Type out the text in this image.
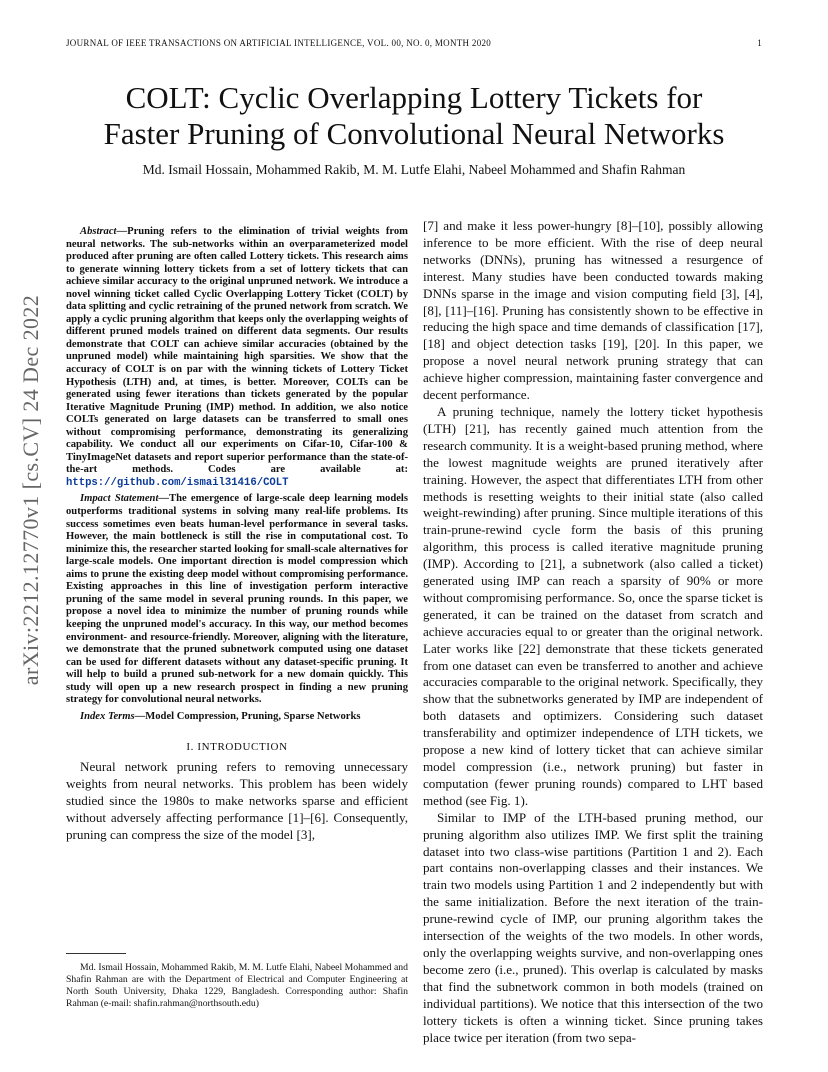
JOURNAL OF IEEE TRANSACTIONS ON ARTIFICIAL INTELLIGENCE, VOL. 00, NO. 0, MONTH 2020	1
COLT: Cyclic Overlapping Lottery Tickets for
Faster Pruning of Convolutional Neural Networks
Md. Ismail Hossain, Mohammed Rakib, M. M. Lutfe Elahi, Nabeel Mohammed and Shafin Rahman
arXiv:2212.12770v1 [cs.CV] 24 Dec 2022

Abstract—Pruning refers to the elimination of trivial weights from neural networks. The sub-networks within an overparameterized model produced after pruning are often called Lottery tickets. This research aims to generate winning lottery tickets from a set of lottery tickets that can achieve similar accuracy to the original unpruned network. We introduce a novel winning ticket called Cyclic Overlapping Lottery Ticket (COLT) by data splitting and cyclic retraining of the pruned network from scratch. We apply a cyclic pruning algorithm that keeps only the overlapping weights of different pruned models trained on different data segments. Our results demonstrate that COLT can achieve similar accuracies (obtained by the unpruned model) while maintaining high sparsities. We show that the accuracy of COLT is on par with the winning tickets of Lottery Ticket Hypothesis (LTH) and, at times, is better. Moreover, COLTs can be generated using fewer iterations than tickets generated by the popular Iterative Magnitude Pruning (IMP) method. In addition, we also notice COLTs generated on large datasets can be transferred to small ones without compromising performance, demonstrating its generalizing capability. We conduct all our experiments on Cifar-10, Cifar-100 & TinyImageNet datasets and report superior performance than the state-of-the-art methods. Codes are available at: https://github.com/ismail31416/COLT

Impact Statement—The emergence of large-scale deep learning models outperforms traditional systems in solving many real-life problems. Its success sometimes even beats human-level performance in several tasks. However, the main bottleneck is still the rise in computational cost. To minimize this, the researcher started looking for small-scale alternatives for large-scale models. One important direction is model compression which aims to prune the existing deep model without compromising performance. Existing approaches in this line of investigation perform interactive pruning of the same model in several pruning rounds. In this paper, we propose a novel idea to minimize the number of pruning rounds while keeping the unpruned model's accuracy. In this way, our method becomes environment- and resource-friendly. Moreover, aligning with the literature, we demonstrate that the pruned subnetwork computed using one dataset can be used for different datasets without any dataset-specific pruning. It will help to build a pruned sub-network for a new domain quickly. This study will open up a new research prospect in finding a new pruning strategy for convolutional neural networks.

Index Terms—Model Compression, Pruning, Sparse Networks

I. INTRODUCTION

Neural network pruning refers to removing unnecessary weights from neural networks. This problem has been widely studied since the 1980s to make networks sparse and efficient without adversely affecting performance [1]–[6]. Consequently, pruning can compress the size of the model [3],

Md. Ismail Hossain, Mohammed Rakib, M. M. Lutfe Elahi, Nabeel Mohammed and Shafin Rahman are with the Department of Electrical and Computer Engineering at North South University, Dhaka 1229, Bangladesh. Corresponding author: Shafin Rahman (e-mail: shafin.rahman@northsouth.edu)

[7] and make it less power-hungry [8]–[10], possibly allowing inference to be more efficient. With the rise of deep neural networks (DNNs), pruning has witnessed a resurgence of interest. Many studies have been conducted towards making DNNs sparse in the image and vision computing field [3], [4], [8], [11]–[16]. Pruning has consistently shown to be effective in reducing the high space and time demands of classification [17], [18] and object detection tasks [19], [20]. In this paper, we propose a novel neural network pruning strategy that can achieve higher compression, maintaining faster convergence and decent performance.

A pruning technique, namely the lottery ticket hypothesis (LTH) [21], has recently gained much attention from the research community. It is a weight-based pruning method, where the lowest magnitude weights are pruned iteratively after training. However, the aspect that differentiates LTH from other methods is resetting weights to their initial state (also called weight-rewinding) after pruning. Since multiple iterations of this train-prune-rewind cycle form the basis of this pruning algorithm, this process is called iterative magnitude pruning (IMP). According to [21], a subnetwork (also called a ticket) generated using IMP can reach a sparsity of 90% or more without compromising performance. So, once the sparse ticket is generated, it can be trained on the dataset from scratch and achieve accuracies equal to or greater than the original network. Later works like [22] demonstrate that these tickets generated from one dataset can even be transferred to another and achieve accuracies comparable to the original network. Specifically, they show that the subnetworks generated by IMP are independent of both datasets and optimizers. Considering such dataset transferability and optimizer independence of LTH tickets, we propose a new kind of lottery ticket that can achieve similar model compression (i.e., network pruning) but faster in computation (fewer pruning rounds) compared to LHT based method (see Fig. 1).

Similar to IMP of the LTH-based pruning method, our pruning algorithm also utilizes IMP. We first split the training dataset into two class-wise partitions (Partition 1 and 2). Each part contains non-overlapping classes and their instances. We train two models using Partition 1 and 2 independently but with the same initialization. Before the next iteration of the train-prune-rewind cycle of IMP, our pruning algorithm takes the intersection of the weights of the two models. In other words, only the overlapping weights survive, and non-overlapping ones become zero (i.e., pruned). This overlap is calculated by masks that find the subnetwork common in both models (trained on individual partitions). We notice that this intersection of the two lottery tickets is often a winning ticket. Since pruning takes place twice per iteration (from two sepa-
